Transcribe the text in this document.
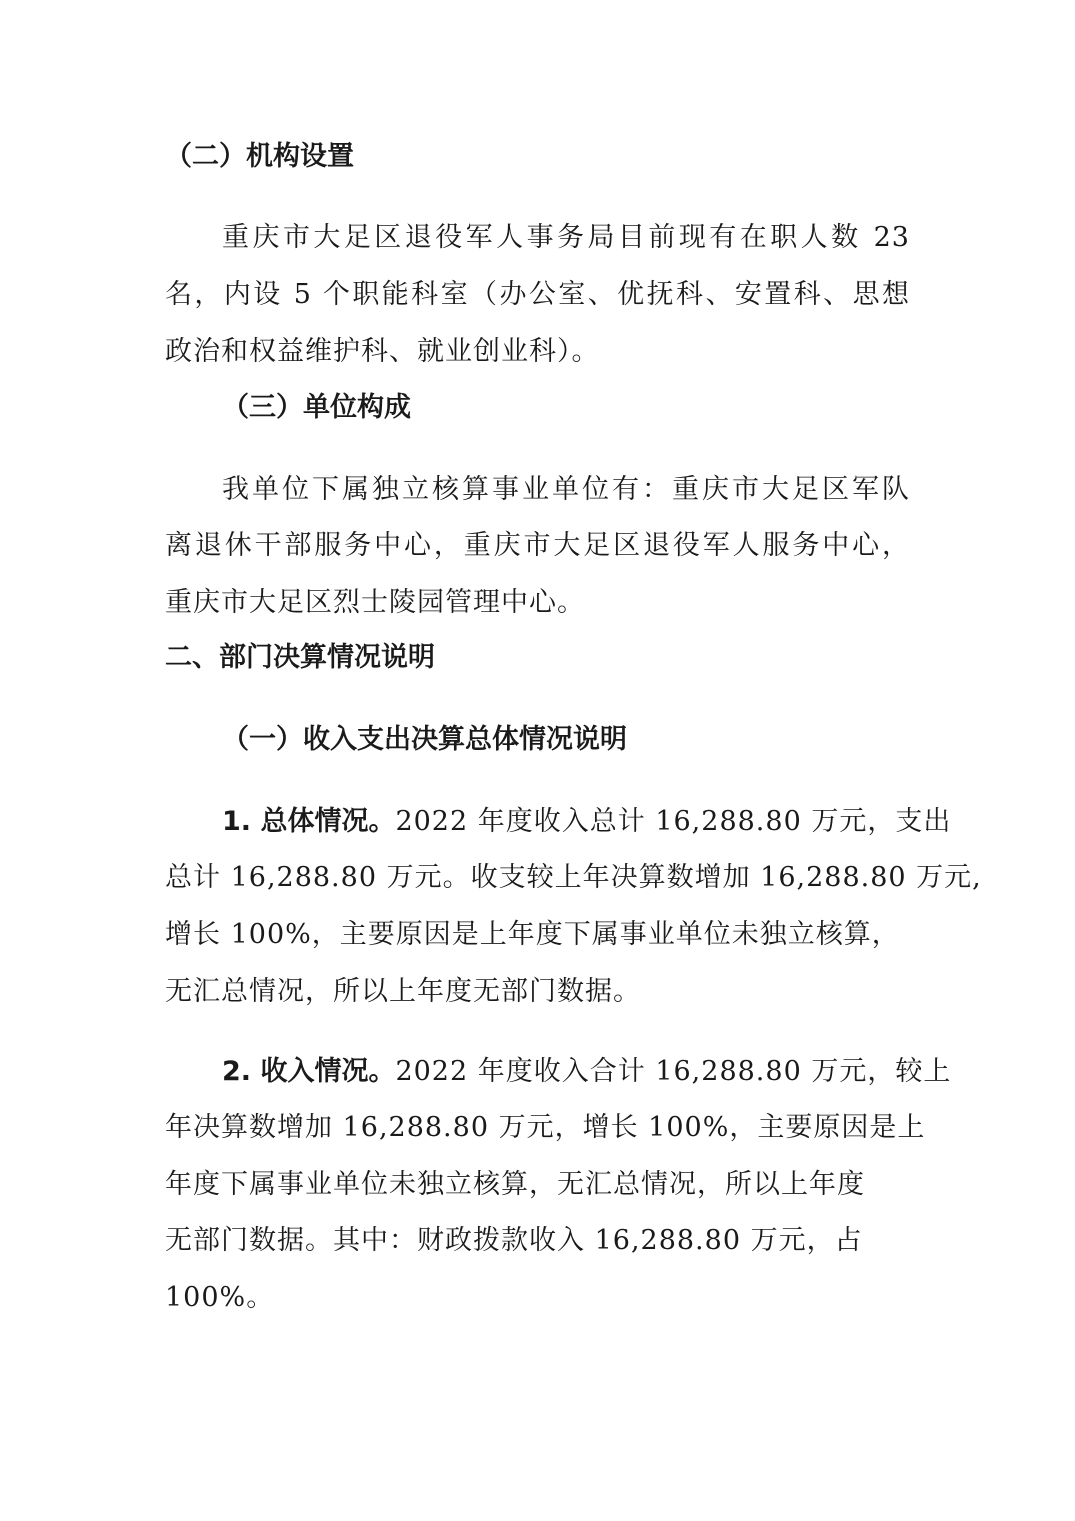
（二）机构设置
重庆市大足区退役军人事务局目前现有在职人数 23
名，内设 5 个职能科室（办公室、优抚科、安置科、思想
政治和权益维护科、就业创业科）。
（三）单位构成
我单位下属独立核算事业单位有：重庆市大足区军队
离退休干部服务中心，重庆市大足区退役军人服务中心，
重庆市大足区烈士陵园管理中心。
二、部门决算情况说明
（一）收入支出决算总体情况说明
1. 总体情况。2022 年度收入总计 16,288.80 万元，支出
总计 16,288.80 万元。收支较上年决算数增加 16,288.80 万元,
增长 100%，主要原因是上年度下属事业单位未独立核算，
无汇总情况，所以上年度无部门数据。
2. 收入情况。2022 年度收入合计 16,288.80 万元，较上
年决算数增加 16,288.80 万元，增长 100%，主要原因是上
年度下属事业单位未独立核算，无汇总情况，所以上年度
无部门数据。其中：财政拨款收入 16,288.80 万元，占
100%。
